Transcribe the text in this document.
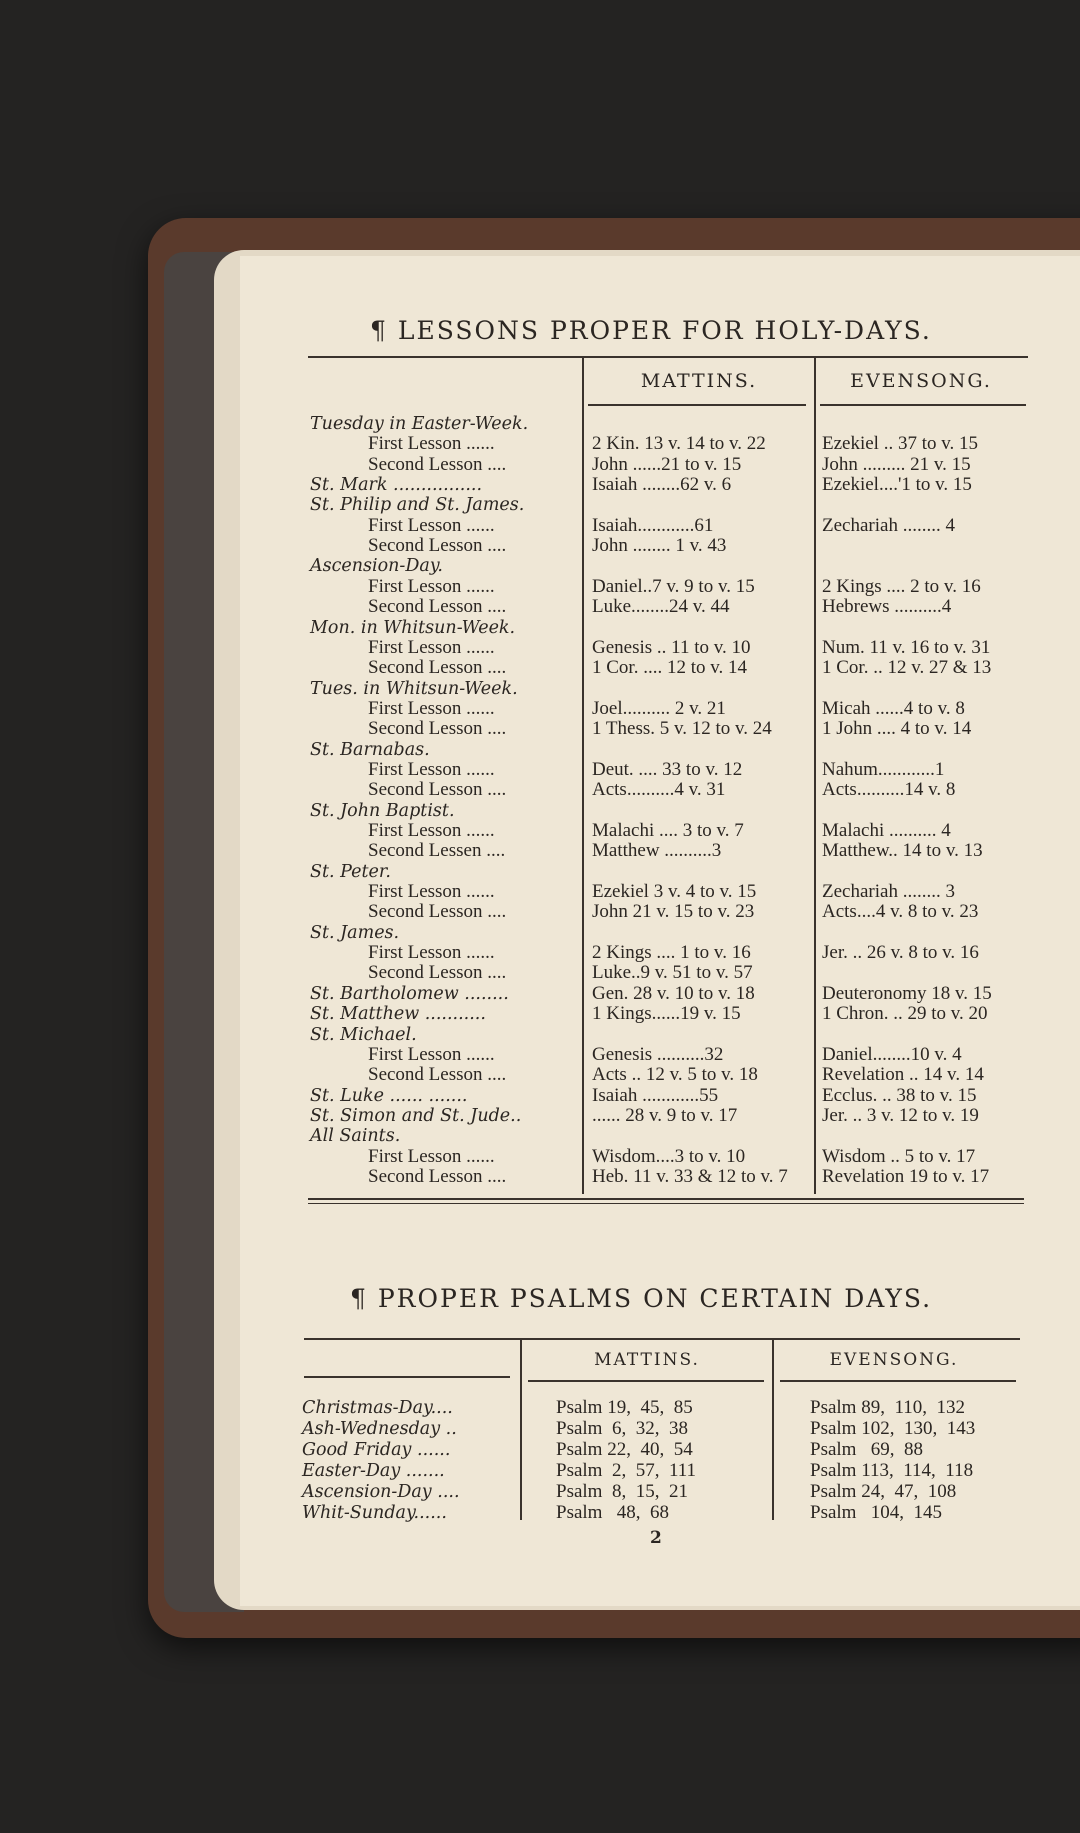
¶ LESSONS PROPER FOR HOLY-DAYS.
MATTINS.	EVENSONG.
Tuesday in Easter-Week.
First Lesson ......	2 Kin. 13 v. 14 to v. 22	Ezekiel .. 37 to v. 15
Second Lesson ....	John ......21 to v. 15	John ......... 21 v. 15
St. Mark ................	Isaiah ........62 v. 6	Ezekiel....'1 to v. 15
St. Philip and St. James.
First Lesson ......	Isaiah............61	Zechariah ........ 4
Second Lesson ....	John ........ 1 v. 43
Ascension-Day.
First Lesson ......	Daniel..7 v. 9 to v. 15	2 Kings .... 2 to v. 16
Second Lesson ....	Luke........24 v. 44	Hebrews ..........4
Mon. in Whitsun-Week.
First Lesson ......	Genesis .. 11 to v. 10	Num. 11 v. 16 to v. 31
Second Lesson ....	1 Cor. .... 12 to v. 14	1 Cor. .. 12 v. 27 & 13
Tues. in Whitsun-Week.
First Lesson ......	Joel.......... 2 v. 21	Micah ......4 to v. 8
Second Lesson ....	1 Thess. 5 v. 12 to v. 24	1 John .... 4 to v. 14
St. Barnabas.
First Lesson ......	Deut. .... 33 to v. 12	Nahum............1
Second Lesson ....	Acts..........4 v. 31	Acts..........14 v. 8
St. John Baptist.
First Lesson ......	Malachi .... 3 to v. 7	Malachi .......... 4
Second Lessen ....	Matthew ..........3	Matthew.. 14 to v. 13
St. Peter.
First Lesson ......	Ezekiel 3 v. 4 to v. 15	Zechariah ........ 3
Second Lesson ....	John 21 v. 15 to v. 23	Acts....4 v. 8 to v. 23
St. James.
First Lesson ......	2 Kings .... 1 to v. 16	Jer. .. 26 v. 8 to v. 16
Second Lesson ....	Luke..9 v. 51 to v. 57
St. Bartholomew ........	Gen. 28 v. 10 to v. 18	Deuteronomy 18 v. 15
St. Matthew ...........	1 Kings......19 v. 15	1 Chron. .. 29 to v. 20
St. Michael.
First Lesson ......	Genesis ..........32	Daniel........10 v. 4
Second Lesson ....	Acts .. 12 v. 5 to v. 18	Revelation .. 14 v. 14
St. Luke ...... .......	Isaiah ............55	Ecclus. .. 38 to v. 15
St. Simon and St. Jude..	...... 28 v. 9 to v. 17	Jer. .. 3 v. 12 to v. 19
All Saints.
First Lesson ......	Wisdom....3 to v. 10	Wisdom .. 5 to v. 17
Second Lesson ....	Heb. 11 v. 33 & 12 to v. 7 Revelation 19 to v. 17
¶ PROPER PSALMS ON CERTAIN DAYS.
MATTINS.	EVENSONG.
Christmas-Day....	Psalm 19,  45,  85	Psalm 89,  110,  132
Ash-Wednesday ..	Psalm  6,  32,  38	Psalm 102,  130,  143
Good Friday ......	Psalm 22,  40,  54	Psalm   69,  88
Easter-Day .......	Psalm  2,  57,  111	Psalm 113,  114,  118
Ascension-Day ....	Psalm  8,  15,  21	Psalm 24,  47,  108
Whit-Sunday......	Psalm   48,  68	Psalm   104,  145
2
